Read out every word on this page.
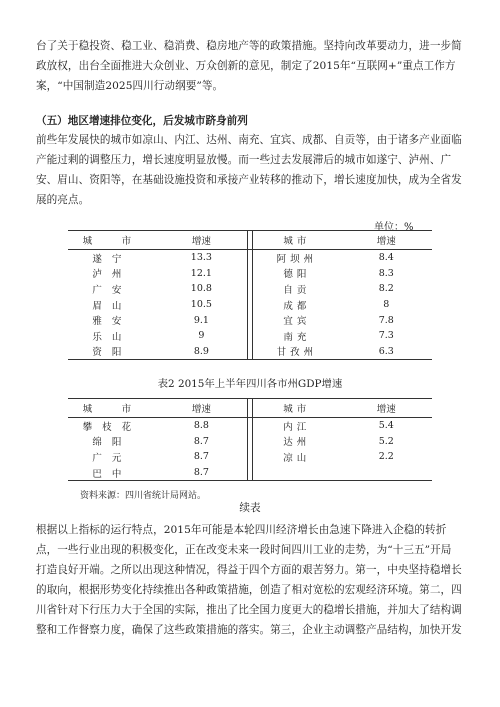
台了关于稳投资、稳工业、稳消费、稳房地产等的政策措施。坚持向改革要动力，进一步简
政放权，出台全面推进大众创业、万众创新的意见，制定了2015年“互联网+”重点工作方
案，“中国制造2025四川行动纲要”等。
（五）地区增速排位变化，后发城市跻身前列
前些年发展快的城市如凉山、内江、达州、南充、宜宾、成都、自贡等，由于诸多产业面临
产能过剩的调整压力，增长速度明显放慢。而一些过去发展滞后的城市如遂宁、泸州、广
安、眉山、资阳等，在基础设施投资和承接产业转移的推动下，增长速度加快，成为全省发
展的亮点。
单位：%
城　市	增速		城市	增速
遂宁	13.3		阿坝州	8.4
泸州	12.1		德阳	8.3
广安	10.8		自贡	8.2
眉山	10.5		成都	8
雅安	9.1		宜宾	7.8
乐山	9		南充	7.3
资阳	8.9		甘孜州	6.3
表2 2015年上半年四川各市州GDP增速
城　市	增速		城市	增速
攀枝花	8.8		内江	5.4
绵阳	8.7		达州	5.2
广元	8.7		凉山	2.2
巴中	8.7			
资料来源：四川省统计局网站。
续表
根据以上指标的运行特点，2015年可能是本轮四川经济增长由急速下降进入企稳的转折
点，一些行业出现的积极变化，正在改变未来一段时间四川工业的走势，为“十三五”开局
打造良好开端。之所以出现这种情况，得益于四个方面的艰苦努力。第一，中央坚持稳增长
的取向，根据形势变化持续推出各种政策措施，创造了相对宽松的宏观经济环境。第二，四
川省针对下行压力大于全国的实际，推出了比全国力度更大的稳增长措施，并加大了结构调
整和工作督察力度，确保了这些政策措施的落实。第三，企业主动调整产品结构，加快开发
